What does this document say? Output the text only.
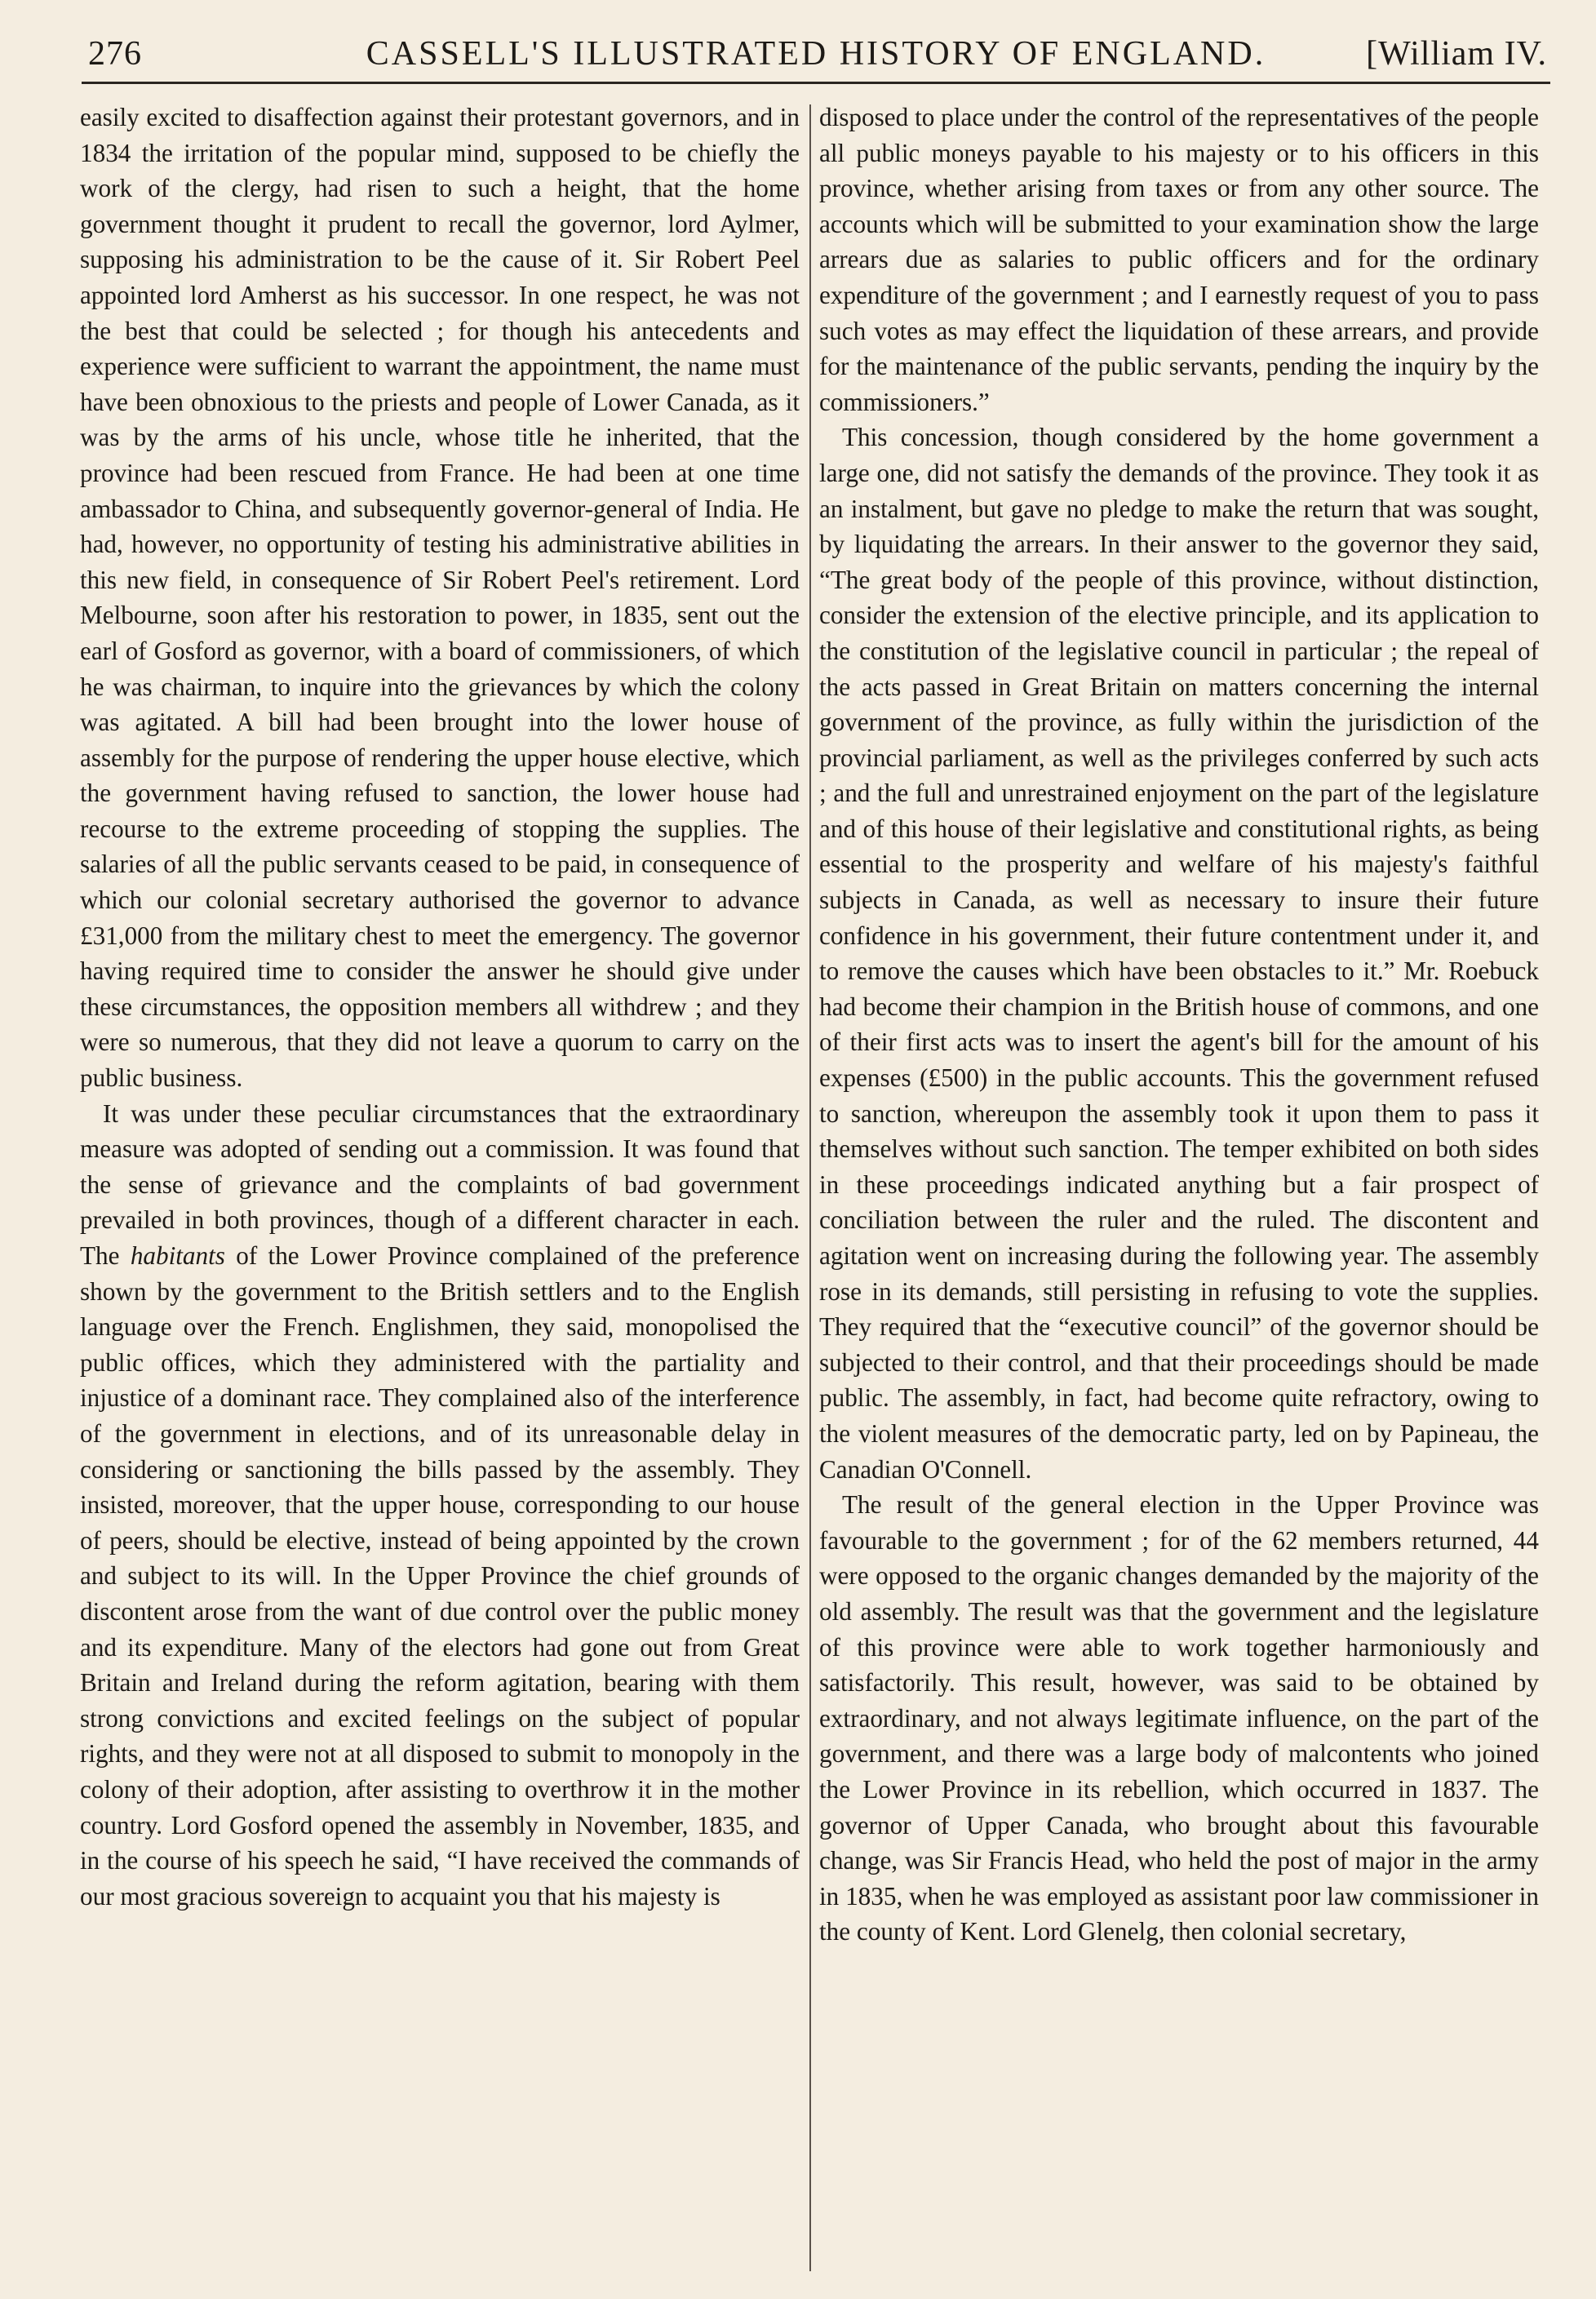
276	CASSELL'S ILLUSTRATED HISTORY OF ENGLAND.	[William IV.

easily excited to disaffection against their protestant governors, and in 1834 the irritation of the popular mind, supposed to be chiefly the work of the clergy, had risen to such a height, that the home government thought it prudent to recall the governor, lord Aylmer, supposing his administration to be the cause of it. Sir Robert Peel appointed lord Amherst as his successor. In one respect, he was not the best that could be selected ; for though his antecedents and experience were sufficient to warrant the appointment, the name must have been obnoxious to the priests and people of Lower Canada, as it was by the arms of his uncle, whose title he inherited, that the province had been rescued from France. He had been at one time ambassador to China, and subsequently governor-general of India. He had, however, no opportunity of testing his administrative abilities in this new field, in consequence of Sir Robert Peel's retirement. Lord Melbourne, soon after his restoration to power, in 1835, sent out the earl of Gosford as governor, with a board of commissioners, of which he was chairman, to inquire into the grievances by which the colony was agitated. A bill had been brought into the lower house of assembly for the purpose of rendering the upper house elective, which the government having refused to sanction, the lower house had recourse to the extreme proceeding of stopping the supplies. The salaries of all the public servants ceased to be paid, in consequence of which our colonial secretary authorised the governor to advance £31,000 from the military chest to meet the emergency. The governor having required time to consider the answer he should give under these circumstances, the opposition members all withdrew ; and they were so numerous, that they did not leave a quorum to carry on the public business.

It was under these peculiar circumstances that the extraordinary measure was adopted of sending out a commission. It was found that the sense of grievance and the complaints of bad government prevailed in both provinces, though of a different character in each. The habitants of the Lower Province complained of the preference shown by the government to the British settlers and to the English language over the French. Englishmen, they said, monopolised the public offices, which they administered with the partiality and injustice of a dominant race. They complained also of the interference of the government in elections, and of its unreasonable delay in considering or sanctioning the bills passed by the assembly. They insisted, moreover, that the upper house, corresponding to our house of peers, should be elective, instead of being appointed by the crown and subject to its will. In the Upper Province the chief grounds of discontent arose from the want of due control over the public money and its expenditure. Many of the electors had gone out from Great Britain and Ireland during the reform agitation, bearing with them strong convictions and excited feelings on the subject of popular rights, and they were not at all disposed to submit to monopoly in the colony of their adoption, after assisting to overthrow it in the mother country. Lord Gosford opened the assembly in November, 1835, and in the course of his speech he said, “I have received the commands of our most gracious sovereign to acquaint you that his majesty is

disposed to place under the control of the representatives of the people all public moneys payable to his majesty or to his officers in this province, whether arising from taxes or from any other source. The accounts which will be submitted to your examination show the large arrears due as salaries to public officers and for the ordinary expenditure of the government ; and I earnestly request of you to pass such votes as may effect the liquidation of these arrears, and provide for the maintenance of the public servants, pending the inquiry by the commissioners.”

This concession, though considered by the home government a large one, did not satisfy the demands of the province. They took it as an instalment, but gave no pledge to make the return that was sought, by liquidating the arrears. In their answer to the governor they said, “The great body of the people of this province, without distinction, consider the extension of the elective principle, and its application to the constitution of the legislative council in particular ; the repeal of the acts passed in Great Britain on matters concerning the internal government of the province, as fully within the jurisdiction of the provincial parliament, as well as the privileges conferred by such acts ; and the full and unrestrained enjoyment on the part of the legislature and of this house of their legislative and constitutional rights, as being essential to the prosperity and welfare of his majesty's faithful subjects in Canada, as well as necessary to insure their future confidence in his government, their future contentment under it, and to remove the causes which have been obstacles to it.” Mr. Roebuck had become their champion in the British house of commons, and one of their first acts was to insert the agent's bill for the amount of his expenses (£500) in the public accounts. This the government refused to sanction, whereupon the assembly took it upon them to pass it themselves without such sanction. The temper exhibited on both sides in these proceedings indicated anything but a fair prospect of conciliation between the ruler and the ruled. The discontent and agitation went on increasing during the following year. The assembly rose in its demands, still persisting in refusing to vote the supplies. They required that the “executive council” of the governor should be subjected to their control, and that their proceedings should be made public. The assembly, in fact, had become quite refractory, owing to the violent measures of the democratic party, led on by Papineau, the Canadian O'Connell.

The result of the general election in the Upper Province was favourable to the government ; for of the 62 members returned, 44 were opposed to the organic changes demanded by the majority of the old assembly. The result was that the government and the legislature of this province were able to work together harmoniously and satisfactorily. This result, however, was said to be obtained by extraordinary, and not always legitimate influence, on the part of the government, and there was a large body of malcontents who joined the Lower Province in its rebellion, which occurred in 1837. The governor of Upper Canada, who brought about this favourable change, was Sir Francis Head, who held the post of major in the army in 1835, when he was employed as assistant poor law commissioner in the county of Kent. Lord Glenelg, then colonial secretary,
